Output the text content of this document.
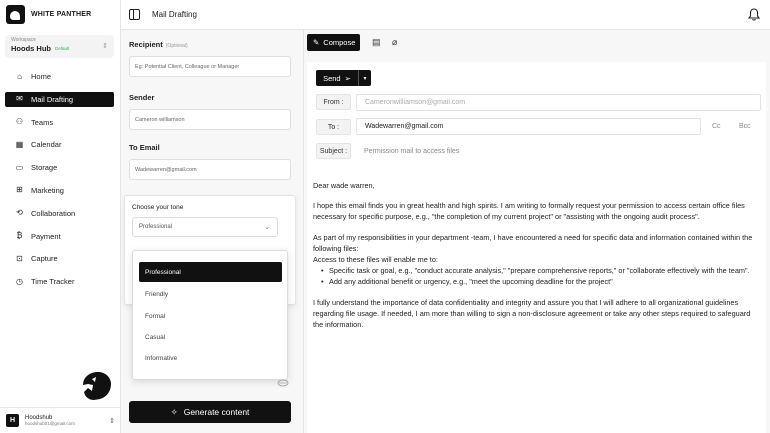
WHITE PANTHER
Workspace
Hoods Hub Default	⇕
⌂ Home
✉ Mail Drafting
⚇ Teams
▦ Calendar
▭ Storage
⊞ Marketing
⟲ Collaboration
₿ Payment
⊡ Capture
◷ Time Tracker
H	Hoodshub
hoodshub01@gmail.com	⇕
Mail Drafting
Recipient (Optional)
Eg: Potential Client, Colleague or Manager
Sender
Cameron williamson
To Email
Wadewarren@gmail.com
Choose your tone
Professional	⌄
Professional
Friendly
Formal
Casual
Informative
✧ Generate content
✎ Compose ▤ ⌀
Send ➢	▾
From :	Cameronwilliamson@gmail.com
To :	Wadewarren@gmail.com	Cc	Bcc
Subject :	Permission mail to access files

Dear wade warren,

I hope this email finds you in great health and high spirits. I am writing to formally request your permission to access certain office files necessary for specific purpose, e.g., "the completion of my current project" or "assisting with the ongoing audit process".

As part of my responsibilities in your department -team, I have encountered a need for specific data and information contained within the following files:

Access to these files will enable me to:

• Specific task or goal, e.g., "conduct accurate analysis," "prepare comprehensive reports," or "collaborate effectively with the team".
• Add any additional benefit or urgency, e.g., "meet the upcoming deadline for the project"

I fully understand the importance of data confidentiality and integrity and assure you that I will adhere to all organizational guidelines regarding file usage. If needed, I am more than willing to sign a non-disclosure agreement or take any other steps required to safeguard the information.
